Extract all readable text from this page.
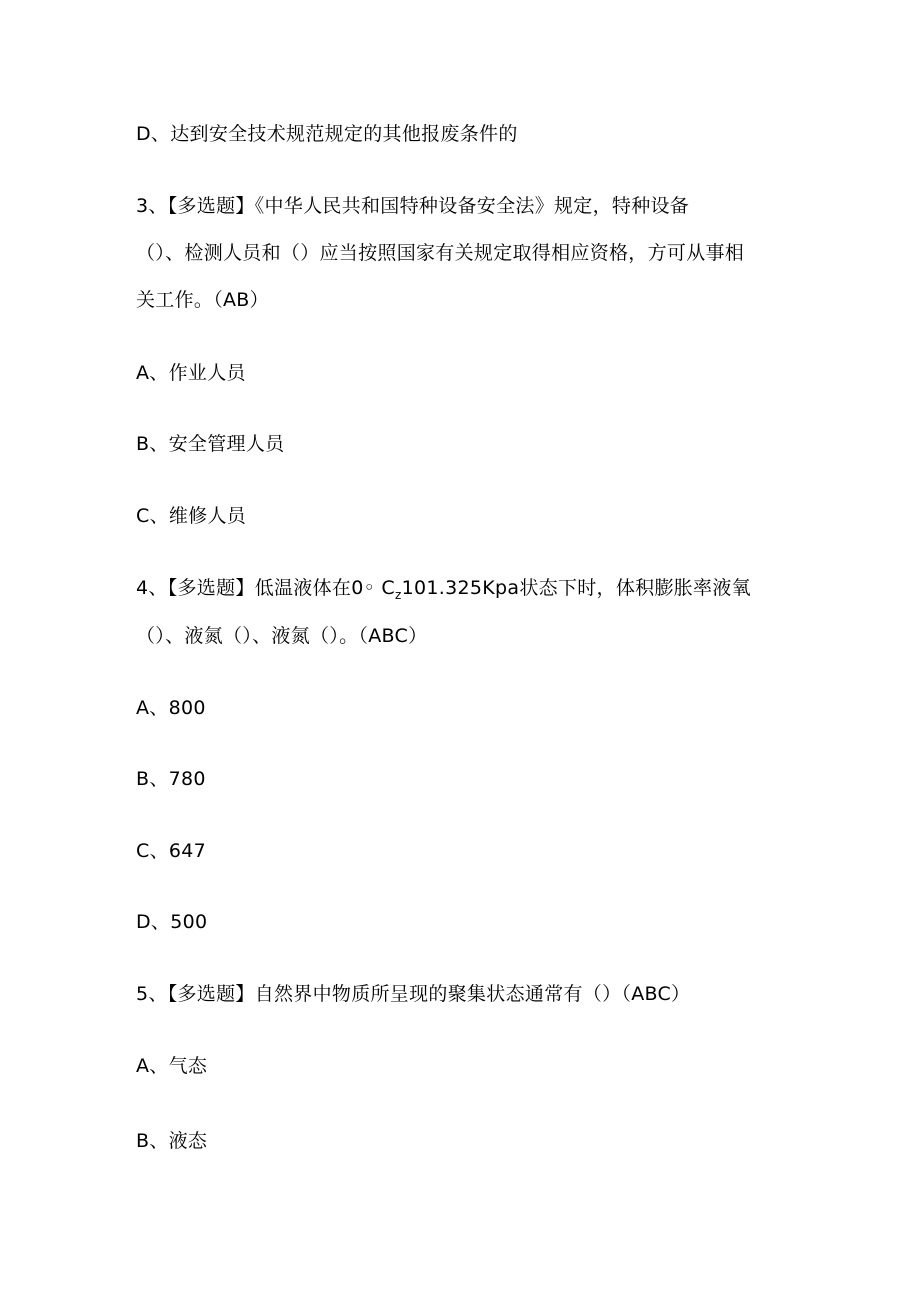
D、达到安全技术规范规定的其他报废条件的
3、【多选题】《中华人民共和国特种设备安全法》规定，特种设备
（）、检测人员和（）应当按照国家有关规定取得相应资格，方可从事相
关工作。（AB）
A、作业人员
B、安全管理人员
C、维修人员
4、【多选题】低温液体在0◦ $C_z101.325Kpa$状态下时，体积膨胀率液氧
（）、液氮（）、液氮（）。（ABC）
A、800
B、780
C、647
D、500
5、【多选题】自然界中物质所呈现的聚集状态通常有（）（ABC）
A、气态
B、液态
